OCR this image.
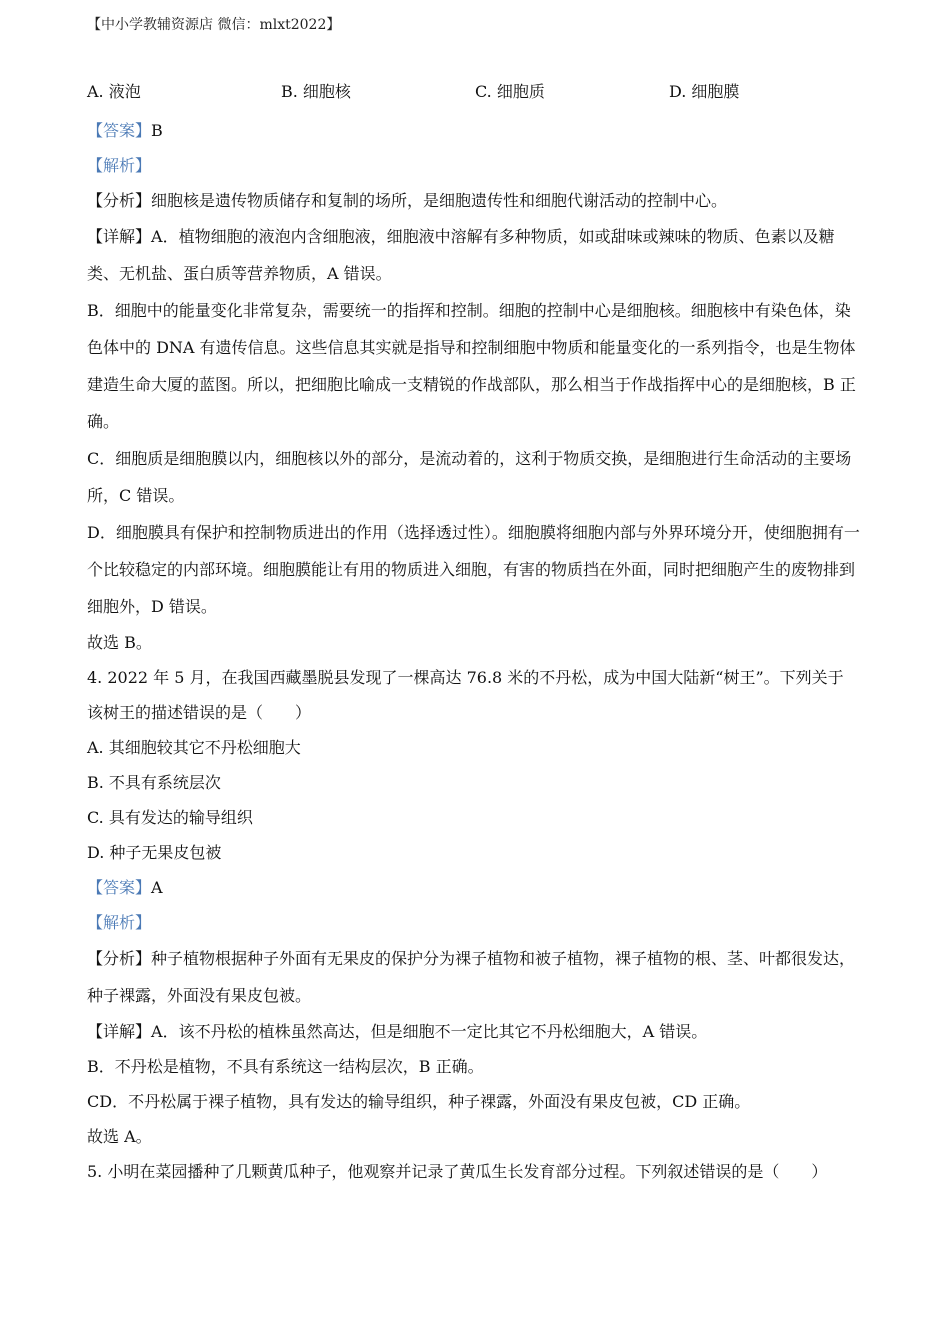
【中小学教辅资源店 微信：mlxt2022】
A. 液泡	B. 细胞核	C. 细胞质	D. 细胞膜
【答案】B
【解析】
【分析】细胞核是遗传物质储存和复制的场所，是细胞遗传性和细胞代谢活动的控制中心。
【详解】A．植物细胞的液泡内含细胞液，细胞液中溶解有多种物质，如或甜味或辣味的物质、色素以及糖类、无机盐、蛋白质等营养物质，A 错误。
B．细胞中的能量变化非常复杂，需要统一的指挥和控制。细胞的控制中心是细胞核。细胞核中有染色体，染色体中的 DNA 有遗传信息。这些信息其实就是指导和控制细胞中物质和能量变化的一系列指令，也是生物体建造生命大厦的蓝图。所以，把细胞比喻成一支精锐的作战部队，那么相当于作战指挥中心的是细胞核，B 正确。
C．细胞质是细胞膜以内，细胞核以外的部分，是流动着的，这利于物质交换，是细胞进行生命活动的主要场所，C 错误。
D．细胞膜具有保护和控制物质进出的作用（选择透过性）。细胞膜将细胞内部与外界环境分开，使细胞拥有一个比较稳定的内部环境。细胞膜能让有用的物质进入细胞，有害的物质挡在外面，同时把细胞产生的废物排到细胞外，D 错误。
故选 B。
4. 2022 年 5 月，在我国西藏墨脱县发现了一棵高达 76.8 米的不丹松，成为中国大陆新“树王”。下列关于
该树王的描述错误的是（ ）
A. 其细胞较其它不丹松细胞大
B. 不具有系统层次
C. 具有发达的输导组织
D. 种子无果皮包被
【答案】A
【解析】
【分析】种子植物根据种子外面有无果皮的保护分为裸子植物和被子植物，裸子植物的根、茎、叶都很发达，种子裸露，外面没有果皮包被。
【详解】A．该不丹松的植株虽然高达，但是细胞不一定比其它不丹松细胞大，A 错误。
B．不丹松是植物，不具有系统这一结构层次，B 正确。
CD．不丹松属于裸子植物，具有发达的输导组织，种子裸露，外面没有果皮包被，CD 正确。
故选 A。
5. 小明在菜园播种了几颗黄瓜种子，他观察并记录了黄瓜生长发育部分过程。下列叙述错误的是（ ）
